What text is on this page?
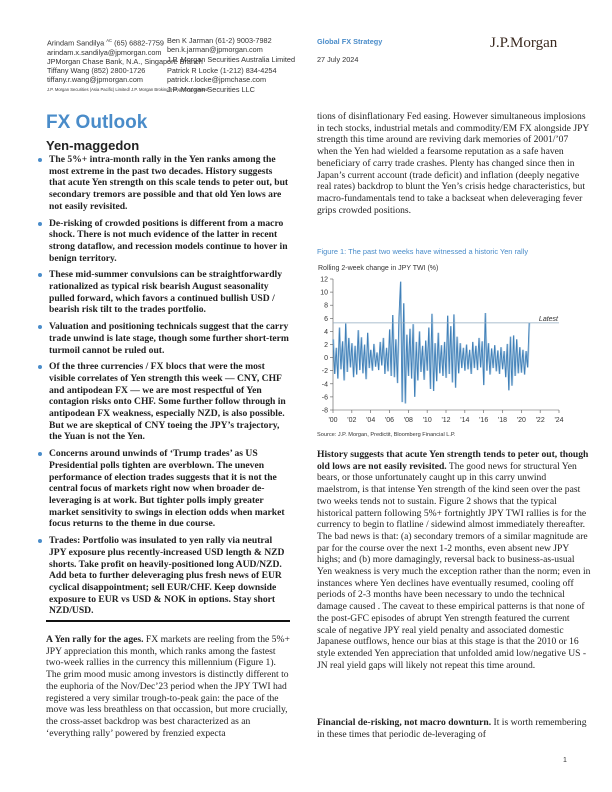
Arindam Sandilya $^{AC}$ (65) 6882-7759
arindam.x.sandilya@jpmorgan.com
JPMorgan Chase Bank, N.A., Singapore Branch
Tiffany Wang (852) 2800-1726
tiffany.r.wang@jpmorgan.com
J.P. Morgan Securities (Asia Pacific) Limited/ J.P. Morgan Broking (Hong Kong) Limited
Ben K Jarman (61-2) 9003-7982
ben.k.jarman@jpmorgan.com
J.P. Morgan Securities Australia Limited
Patrick R Locke (1-212) 834-4254
patrick.r.locke@jpmchase.com
J.P. Morgan Securities LLC
Global FX Strategy
27 July 2024
J.P.Morgan
FX Outlook
Yen-maggedon
The 5%+ intra-month rally in the Yen ranks among the most extreme in the past two decades. History suggests that acute Yen strength on this scale tends to peter out, but secondary tremors are possible and that old Yen lows are not easily revisited.
De-risking of crowded positions is different from a macro shock. There is not much evidence of the latter in recent strong dataflow, and recession models continue to hover in benign territory.
These mid-summer convulsions can be straightforwardly rationalized as typical risk bearish August seasonality pulled forward, which favors a continued bullish USD / bearish risk tilt to the trades portfolio.
Valuation and positioning technicals suggest that the carry trade unwind is late stage, though some further short-term turmoil cannot be ruled out.
Of the three currencies / FX blocs that were the most visible correlates of Yen strength this week — CNY, CHF and antipodean FX — we are most respectful of Yen contagion risks onto CHF. Some further follow through in antipodean FX weakness, especially NZD, is also possible. But we are skeptical of CNY toeing the JPY’s trajectory, the Yuan is not the Yen.
Concerns around unwinds of ‘Trump trades’ as US Presidential polls tighten are overblown. The uneven performance of election trades suggests that it is not the central focus of markets right now when broader de-leveraging is at work. But tighter polls imply greater market sensitivity to swings in election odds when market focus returns to the theme in due course.
Trades: Portfolio was insulated to yen rally via neutral JPY exposure plus recently-increased USD length & NZD shorts. Take profit on heavily-positioned long AUD/NZD. Add beta to further deleveraging plus fresh news of EUR cyclical disappointment; sell EUR/CHF. Keep downside exposure to EUR vs USD & NOK in options. Stay short NZD/USD.

A Yen rally for the ages. FX markets are reeling from the 5%+ JPY appreciation this month, which ranks among the fastest two-week rallies in the currency this millennium (Figure 1). The grim mood music among investors is distinctly different to the euphoria of the Nov/Dec’23 period when the JPY TWI had registered a very similar trough-to-peak gain: the pace of the move was less breathless on that occassion, but more crucially, the cross-asset backdrop was best characterized as an ‘everything rally’ powered by frenzied expecta

Figure 1: The past two weeks have witnessed a historic Yen rally
Rolling 2-week change in JPY TWI (%)
12
10
8
6
4
2
0
-2
-4
-6
-8
'00 '02 '04 '06 '08 '10 '12 '14 '16 '18 '20 '22 '24
Latest
Source: J.P. Morgan, Predictit, Bloomberg Financial L.P.

History suggests that acute Yen strength tends to peter out, though old lows are not easily revisited. The good news for structural Yen bears, or those unfortunately caught up in this carry unwind maelstrom, is that intense Yen strength of the kind seen over the past two weeks tends not to sustain. Figure 2 shows that the typical historical pattern following 5%+ fortnightly JPY TWI rallies is for the currency to begin to flatline / sidewind almost immediately thereafter. The bad news is that: (a) secondary tremors of a similar magnitude are par for the course over the next 1-2 months, even absent new JPY highs; and (b) more damagingly, reversal back to business-as-usual Yen weakness is very much the exception rather than the norm; even in instances where Yen declines have eventually resumed, cooling off periods of 2-3 months have been necessary to undo the technical damage caused . The caveat to these empirical patterns is that none of the post-GFC episodes of abrupt Yen strength featured the current scale of negative JPY real yield penalty and associated domestic Japanese outflows, hence our bias at this stage is that the 2010 or 16 style extended Yen appreciation that unfolded amid low/negative US - JN real yield gaps will likely not repeat this time around.

Financial de-risking, not macro downturn. It is worth remembering in these times that periodic de-leveraging of

1

tions of disinflationary Fed easing. However simultaneous implosions in tech stocks, industrial metals and commodity/EM FX alongside JPY strength this time around are reviving dark memories of 2001/’07 when the Yen had wielded a fearsome reputation as a safe haven beneficiary of carry trade crashes. Plenty has changed since then in Japan’s current account (trade deficit) and inflation (deeply negative real rates) backdrop to blunt the Yen’s crisis hedge characteristics, but macro-fundamentals tend to take a backseat when deleveraging fever grips crowded positions.
